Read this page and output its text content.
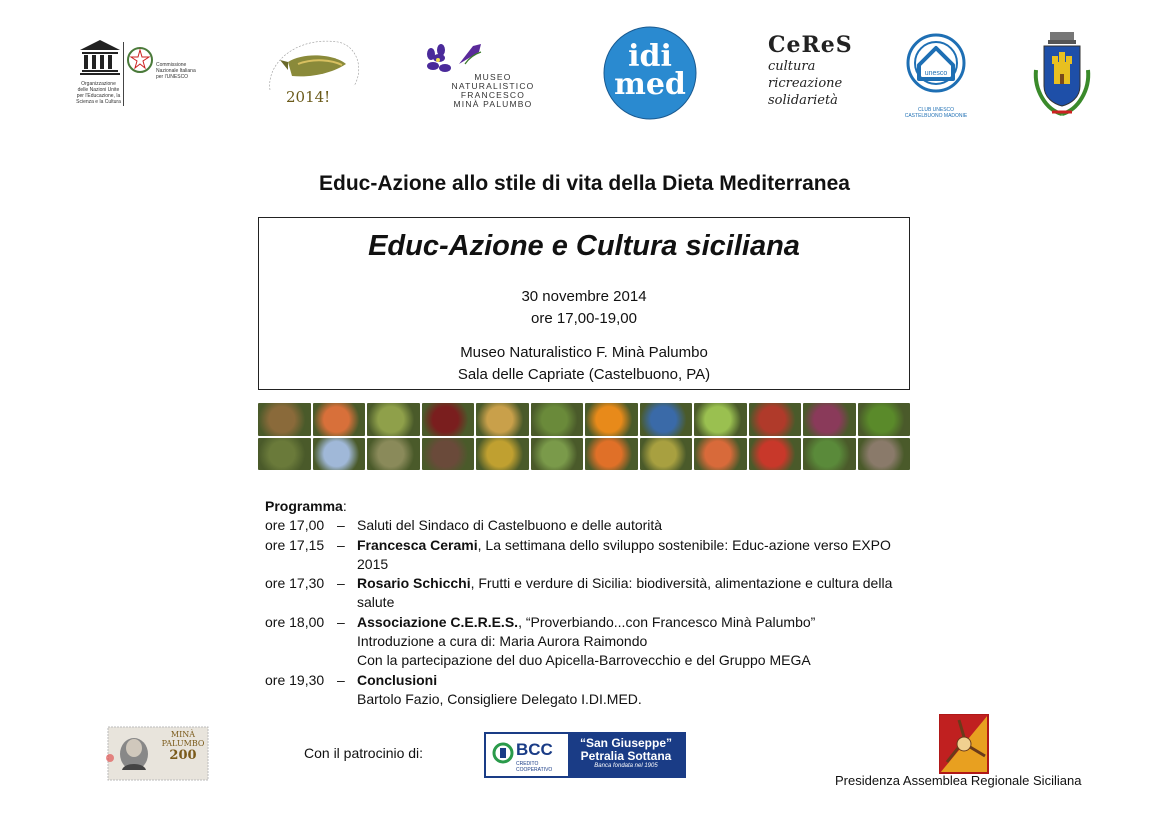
Organizzazione delle Nazioni Unite per l'Educazione, la Scienza e la Cultura
Commissione Nazionale Italiana per l'UNESCO
2014!
MUSEO
NATURALISTICO
FRANCESCO
MINÀ PALUMBO
idi
med
CeReS
cultura
ricreazione
solidarietà
unesco
CLUB UNESCO
CASTELBUONO MADONIE
Educ-Azione allo stile di vita della Dieta Mediterranea
Educ-Azione e Cultura siciliana
30 novembre 2014
ore 17,00-19,00
Museo Naturalistico F. Minà Palumbo
Sala delle Capriate (Castelbuono, PA)
Programma:
ore 17,00 – Saluti del Sindaco di Castelbuono e delle autorità
ore 17,15 – Francesca Cerami, La settimana dello sviluppo sostenibile: Educ-azione verso EXPO
2015
ore 17,30 – Rosario Schicchi, Frutti e verdure di Sicilia: biodiversità, alimentazione e cultura della
salute
ore 18,00 – Associazione C.E.R.E.S., “Proverbiando...con Francesco Minà Palumbo”
Introduzione a cura di: Maria Aurora Raimondo
Con la partecipazione del duo Apicella-Barrovecchio e del Gruppo MEGA
ore 19,30 – Conclusioni
Bartolo Fazio, Consigliere Delegato I.DI.MED.
MINÀ
PALUMBO
200	Con il patrocinio di:	BCC
CREDITO COOPERATIVO
“San Giuseppe”
Petralia Sottana
Banca fondata nel 1905
Presidenza Assemblea Regionale Siciliana
